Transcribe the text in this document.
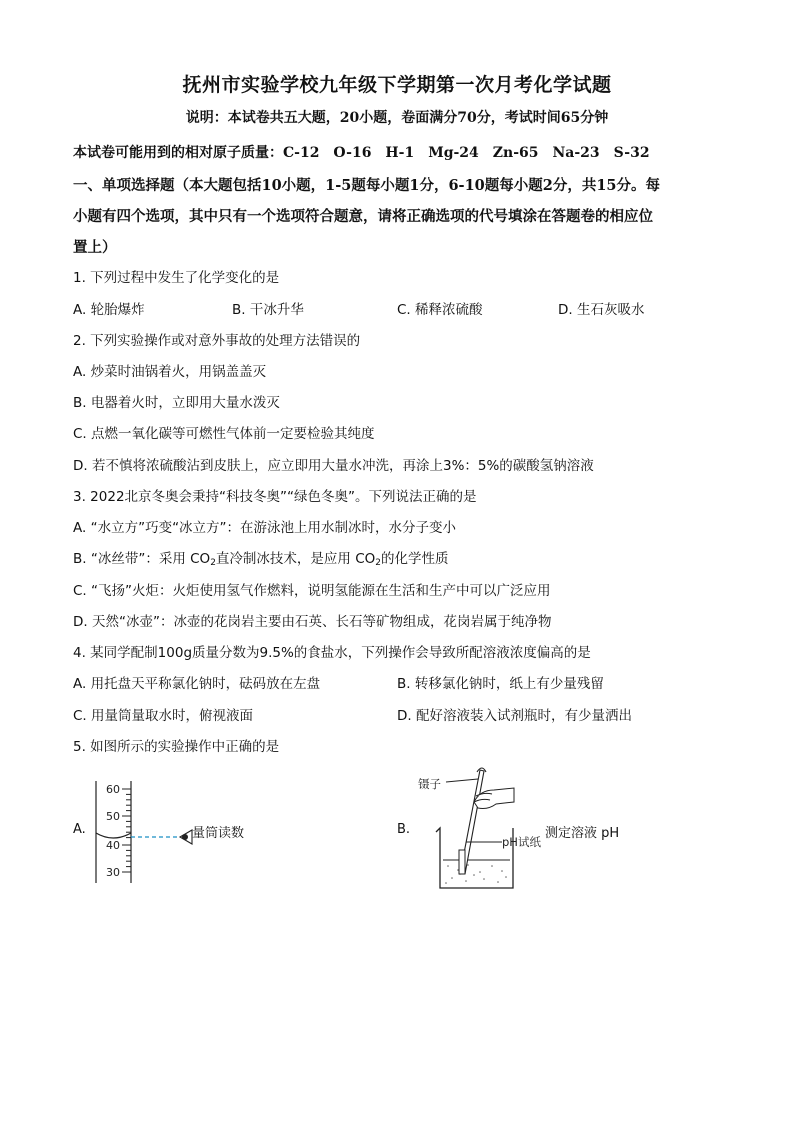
抚州市实验学校九年级下学期第一次月考化学试题
说明：本试卷共五大题，20小题，卷面满分70分，考试时间65分钟
本试卷可能用到的相对原子质量：C-12　O-16　H-1　Mg-24　Zn-65　Na-23　S-32
一、单项选择题（本大题包括10小题，1-5题每小题1分，6-10题每小题2分，共15分。每
小题有四个选项，其中只有一个选项符合题意，请将正确选项的代号填涂在答题卷的相应位
置上）
1. 下列过程中发生了化学变化的是
A. 轮胎爆炸	B. 干冰升华	C. 稀释浓硫酸	D. 生石灰吸水
2. 下列实验操作或对意外事故的处理方法错误的
A. 炒菜时油锅着火，用锅盖盖灭
B. 电器着火时，立即用大量水泼灭
C. 点燃一氧化碳等可燃性气体前一定要检验其纯度
D. 若不慎将浓硫酸沾到皮肤上，应立即用大量水冲洗，再涂上3%：5%的碳酸氢钠溶液
3. 2022北京冬奥会秉持“科技冬奥”“绿色冬奥”。下列说法正确的是
A. “水立方”巧变“冰立方”：在游泳池上用水制冰时，水分子变小
B. “冰丝带”：采用 $CO_2$直冷制冰技术，是应用 $CO_2$的化学性质
C. “飞扬”火炬：火炬使用氢气作燃料，说明氢能源在生活和生产中可以广泛应用
D. 天然“冰壶”：冰壶的花岗岩主要由石英、长石等矿物组成，花岗岩属于纯净物
4. 某同学配制100g质量分数为9.5%的食盐水，下列操作会导致所配溶液浓度偏高的是
A. 用托盘天平称氯化钠时，砝码放在左盘	B. 转移氯化钠时，纸上有少量残留
C. 用量筒量取水时，俯视液面	D. 配好溶液装入试剂瓶时，有少量洒出
5. 如图所示的实验操作中正确的是
A.
60
50
40
30
量筒读数	B.
镊子
pH试纸
测定溶液 pH
